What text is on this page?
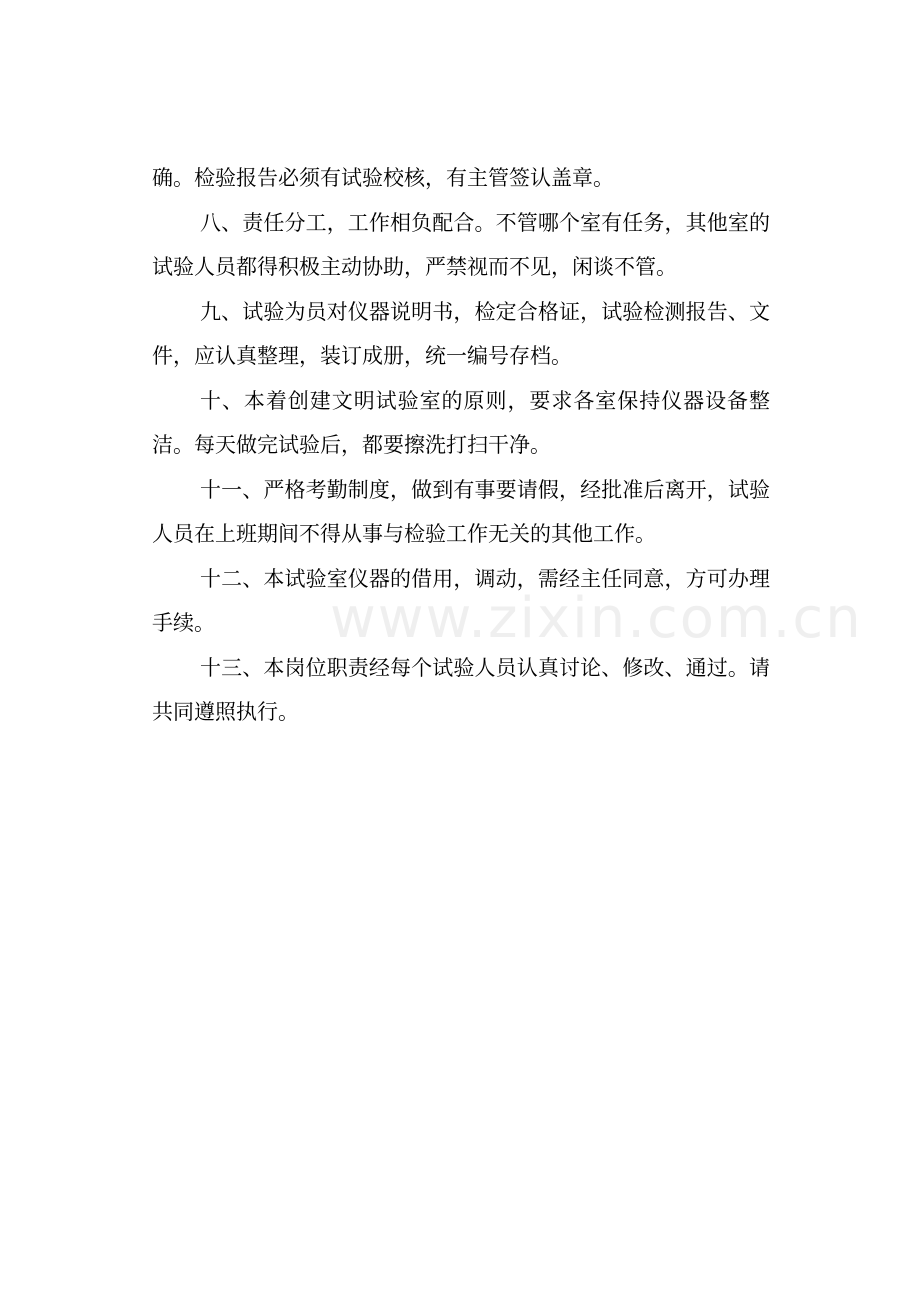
确。检验报告必须有试验校核，有主管签认盖章。

八、责任分工，工作相负配合。不管哪个室有任务，其他室的试验人员都得积极主动协助，严禁视而不见，闲谈不管。

九、试验为员对仪器说明书，检定合格证，试验检测报告、文件，应认真整理，装订成册，统一编号存档。

十、本着创建文明试验室的原则，要求各室保持仪器设备整洁。每天做完试验后，都要擦洗打扫干净。

十一、严格考勤制度，做到有事要请假，经批准后离开，试验人员在上班期间不得从事与检验工作无关的其他工作。

十二、本试验室仪器的借用，调动，需经主任同意，方可办理手续。

十三、本岗位职责经每个试验人员认真讨论、修改、通过。请共同遵照执行。

www.zixin.com.cn
